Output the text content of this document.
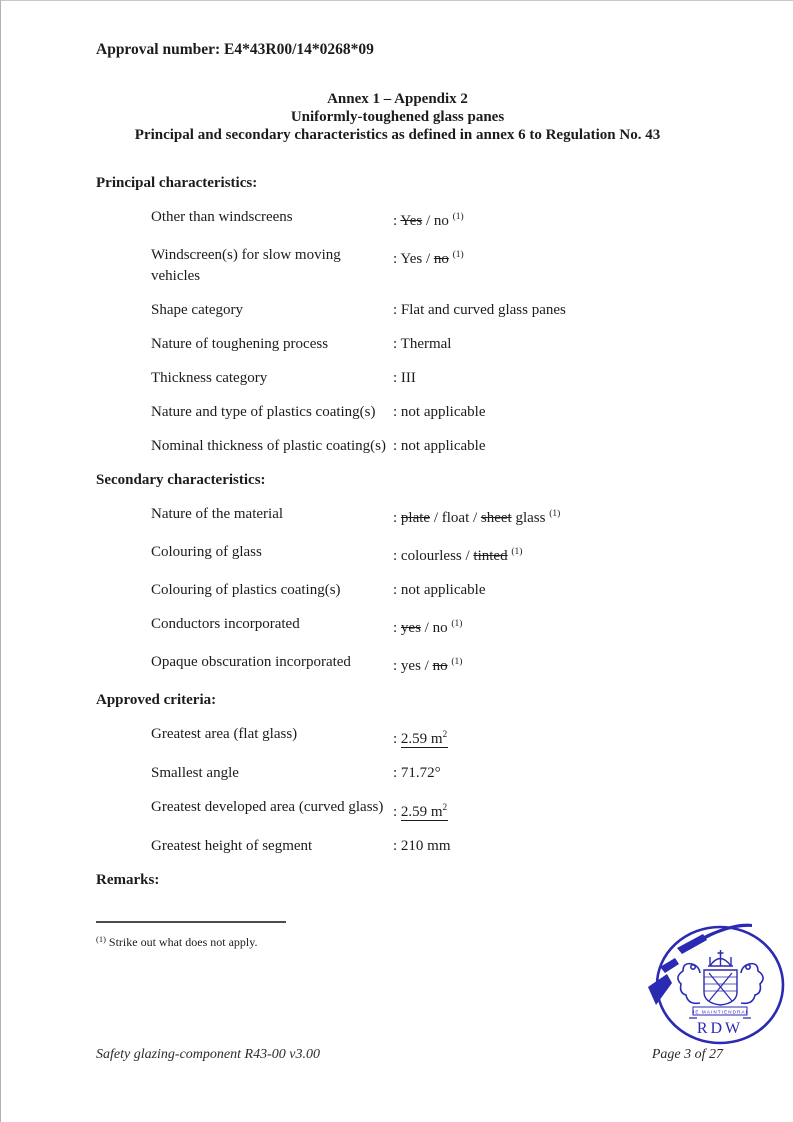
Approval number: E4*43R00/14*0268*09
Annex 1 – Appendix 2
Uniformly-toughened glass panes
Principal and secondary characteristics as defined in annex 6 to Regulation No. 43
Principal characteristics:
Other than windscreens	: Yes / no $^{(1)}$
Windscreen(s) for slow moving vehicles
: Yes / no $^{(1)}$
Shape category	: Flat and curved glass panes
Nature of toughening process	: Thermal
Thickness category	: III
Nature and type of plastics coating(s)	: not applicable
Nominal thickness of plastic coating(s) : not applicable
Secondary characteristics:
Nature of the material	: plate / float / sheet glass $^{(1)}$
Colouring of glass	: colourless / tinted $^{(1)}$
Colouring of plastics coating(s)	: not applicable
Conductors incorporated	: yes / no $^{(1)}$
Opaque obscuration incorporated	: yes / no $^{(1)}$
Approved criteria:
Greatest area (flat glass)	: 2.59 $m^2$
Smallest angle	: 71.72°
Greatest developed area (curved glass) : 2.59 $m^2$
Greatest height of segment	: 210 mm
Remarks:
$^{(1)}$ Strike out what does not apply.
JE MAINTIENDRAI
RDW
Safety glazing-component R43-00 v3.00	Page 3 of 27
